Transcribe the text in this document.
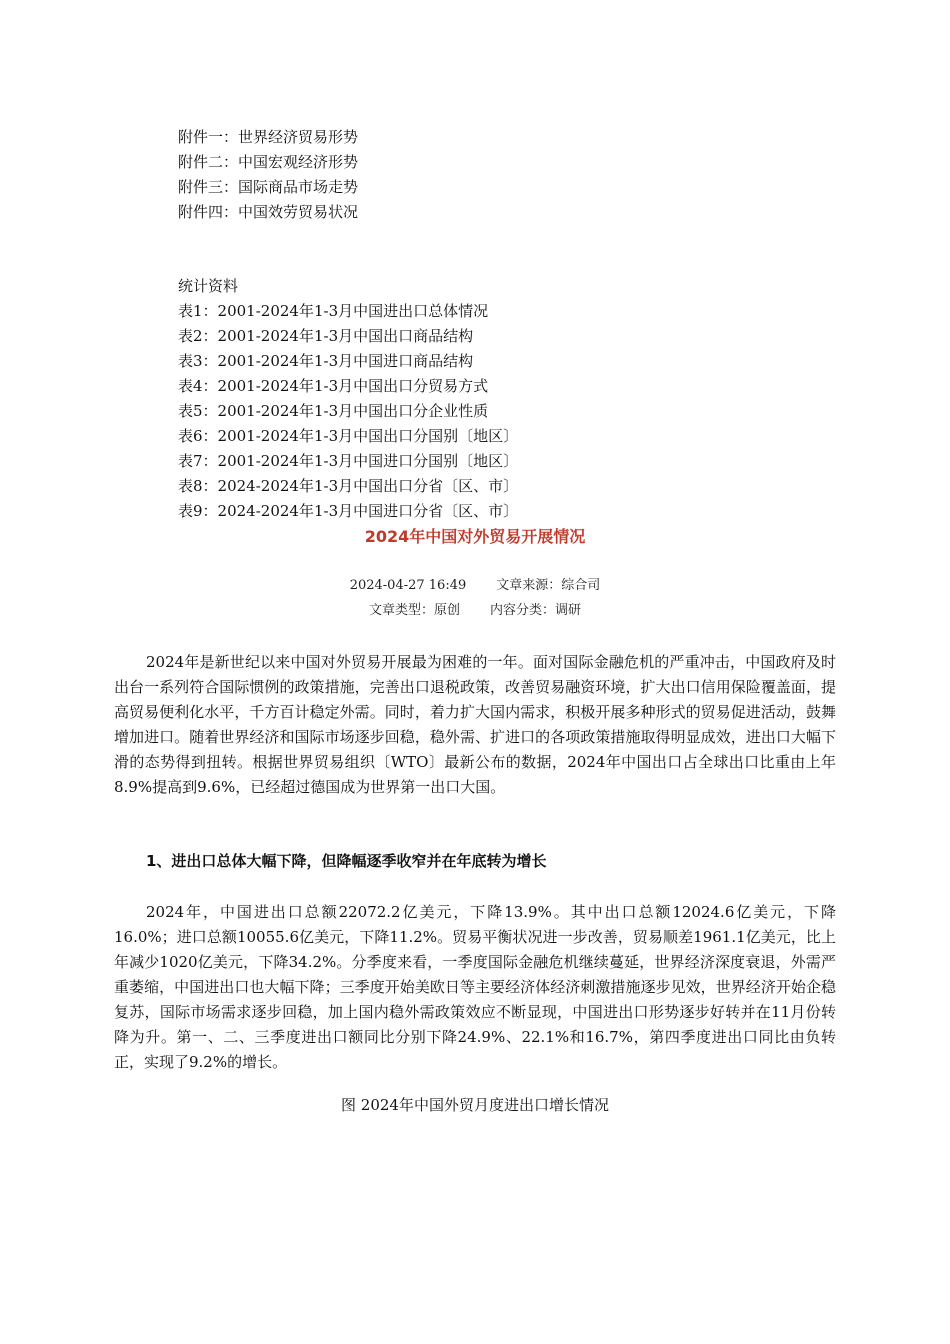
附件一：世界经济贸易形势
附件二：中国宏观经济形势
附件三：国际商品市场走势
附件四：中国效劳贸易状况
统计资料
表1：2001-2024年1-3月中国进出口总体情况
表2：2001-2024年1-3月中国出口商品结构
表3：2001-2024年1-3月中国进口商品结构
表4：2001-2024年1-3月中国出口分贸易方式
表5：2001-2024年1-3月中国出口分企业性质
表6：2001-2024年1-3月中国出口分国别〔地区〕
表7：2001-2024年1-3月中国进口分国别〔地区〕
表8：2024-2024年1-3月中国出口分省〔区、市〕
表9：2024-2024年1-3月中国进口分省〔区、市〕
2024年中国对外贸易开展情况
2024-04-27 16:49 文章来源：综合司
文章类型：原创 内容分类：调研
2024年是新世纪以来中国对外贸易开展最为困难的一年。面对国际金融危机的严重冲击，中国政府及时出台一系列符合国际惯例的政策措施，完善出口退税政策，改善贸易融资环境，扩大出口信用保险覆盖面，提高贸易便利化水平，千方百计稳定外需。同时，着力扩大国内需求，积极开展多种形式的贸易促进活动，鼓舞增加进口。随着世界经济和国际市场逐步回稳，稳外需、扩进口的各项政策措施取得明显成效，进出口大幅下滑的态势得到扭转。根据世界贸易组织〔WTO〕最新公布的数据，2024年中国出口占全球出口比重由上年8.9%提高到9.6%，已经超过德国成为世界第一出口大国。
1、进出口总体大幅下降，但降幅逐季收窄并在年底转为增长
2024年，中国进出口总额22072.2亿美元，下降13.9%。其中出口总额12024.6亿美元，下降16.0%；进口总额10055.6亿美元，下降11.2%。贸易平衡状况进一步改善，贸易顺差1961.1亿美元，比上年减少1020亿美元，下降34.2%。分季度来看，一季度国际金融危机继续蔓延，世界经济深度衰退，外需严重萎缩，中国进出口也大幅下降；三季度开始美欧日等主要经济体经济刺激措施逐步见效，世界经济开始企稳复苏，国际市场需求逐步回稳，加上国内稳外需政策效应不断显现，中国进出口形势逐步好转并在11月份转降为升。第一、二、三季度进出口额同比分别下降24.9%、22.1%和16.7%，第四季度进出口同比由负转正，实现了9.2%的增长。
图 2024年中国外贸月度进出口增长情况
